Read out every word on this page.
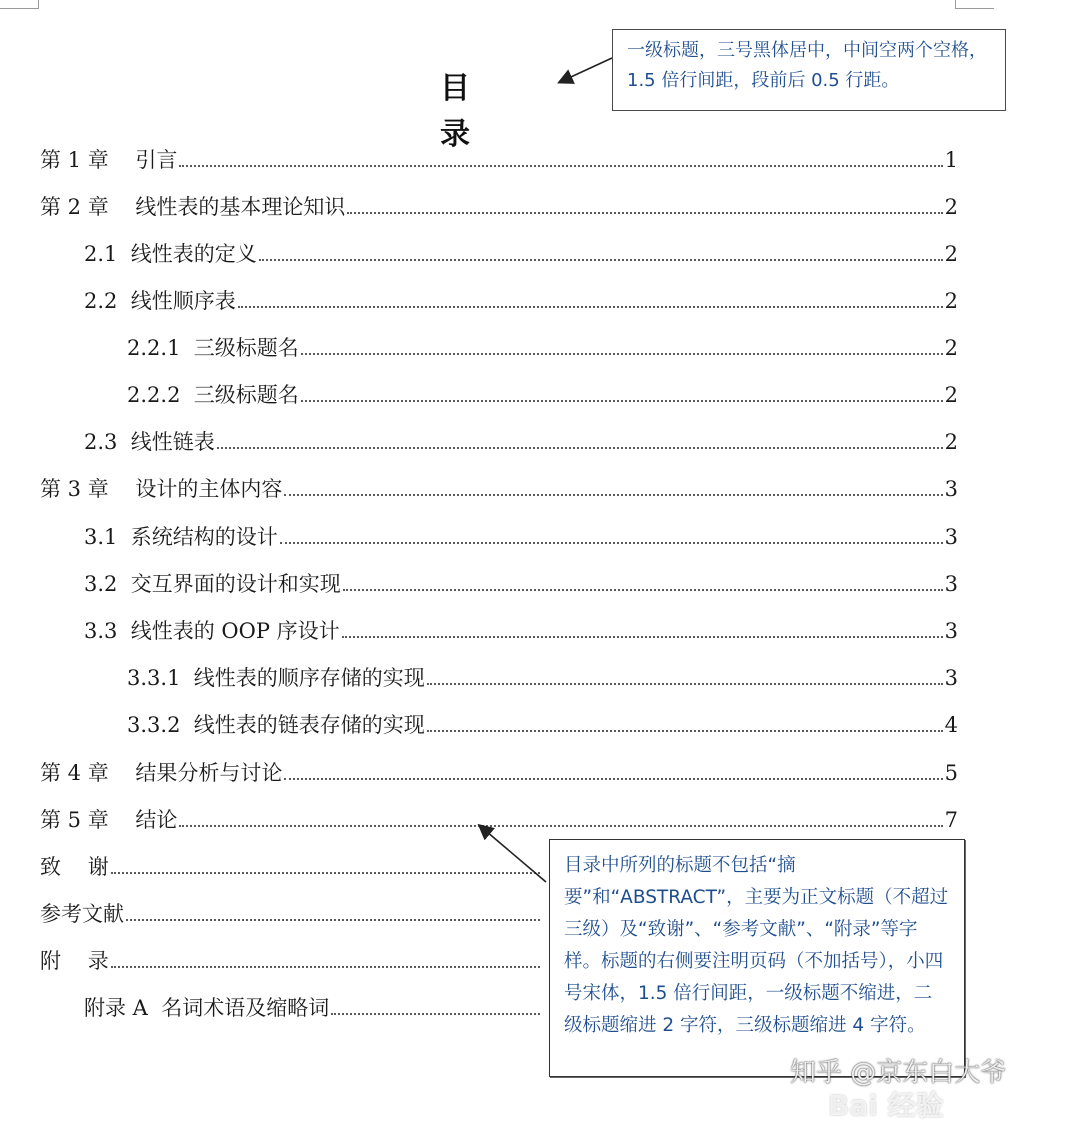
目 录
第 1 章    引言	1
第 2 章    线性表的基本理论知识	2
2.1  线性表的定义	2
2.2  线性顺序表	2
2.2.1  三级标题名	2
2.2.2  三级标题名	2
2.3  线性链表	2
第 3 章    设计的主体内容	3
3.1  系统结构的设计	3
3.2  交互界面的设计和实现	3
3.3  线性表的 OOP 序设计	3
3.3.1  线性表的顺序存储的实现	3
3.3.2  线性表的链表存储的实现	4
第 4 章    结果分析与讨论	5
第 5 章    结论	7
致    谢
参考文献
附    录
附录 A  名词术语及缩略词
一级标题，三号黑体居中，中间空两个空格，1.5 倍行间距，段前后 0.5 行距。
目录中所列的标题不包括“摘要”和“ABSTRACT”，主要为正文标题（不超过三级）及“致谢”、“参考文献”、“附录”等字样。标题的右侧要注明页码（不加括号），小四号宋体，1.5 倍行间距，一级标题不缩进，二级标题缩进 2 字符，三级标题缩进 4 字符。
Bai 经验
知乎 @京东白大爷
